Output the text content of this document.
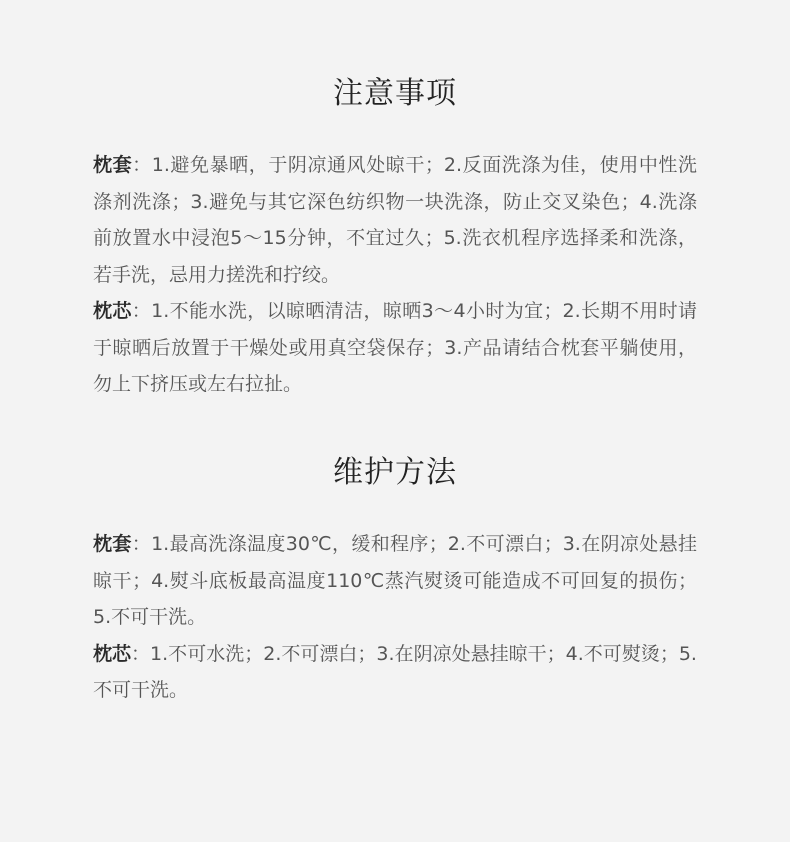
注意事项

枕套：1.避免暴晒，于阴凉通风处晾干；2.反面洗涤为佳，使用中性洗涤剂洗涤；3.避免与其它深色纺织物一块洗涤，防止交叉染色；4.洗涤前放置水中浸泡5～15分钟，不宜过久；5.洗衣机程序选择柔和洗涤，若手洗，忌用力搓洗和拧绞。

枕芯：1.不能水洗，以晾晒清洁，晾晒3～4小时为宜；2.长期不用时请于晾晒后放置于干燥处或用真空袋保存；3.产品请结合枕套平躺使用，勿上下挤压或左右拉扯。

维护方法

枕套：1.最高洗涤温度30℃，缓和程序；2.不可漂白；3.在阴凉处悬挂晾干；4.熨斗底板最高温度110℃蒸汽熨烫可能造成不可回复的损伤；5.不可干洗。

枕芯：1.不可水洗；2.不可漂白；3.在阴凉处悬挂晾干；4.不可熨烫；5.不可干洗。
